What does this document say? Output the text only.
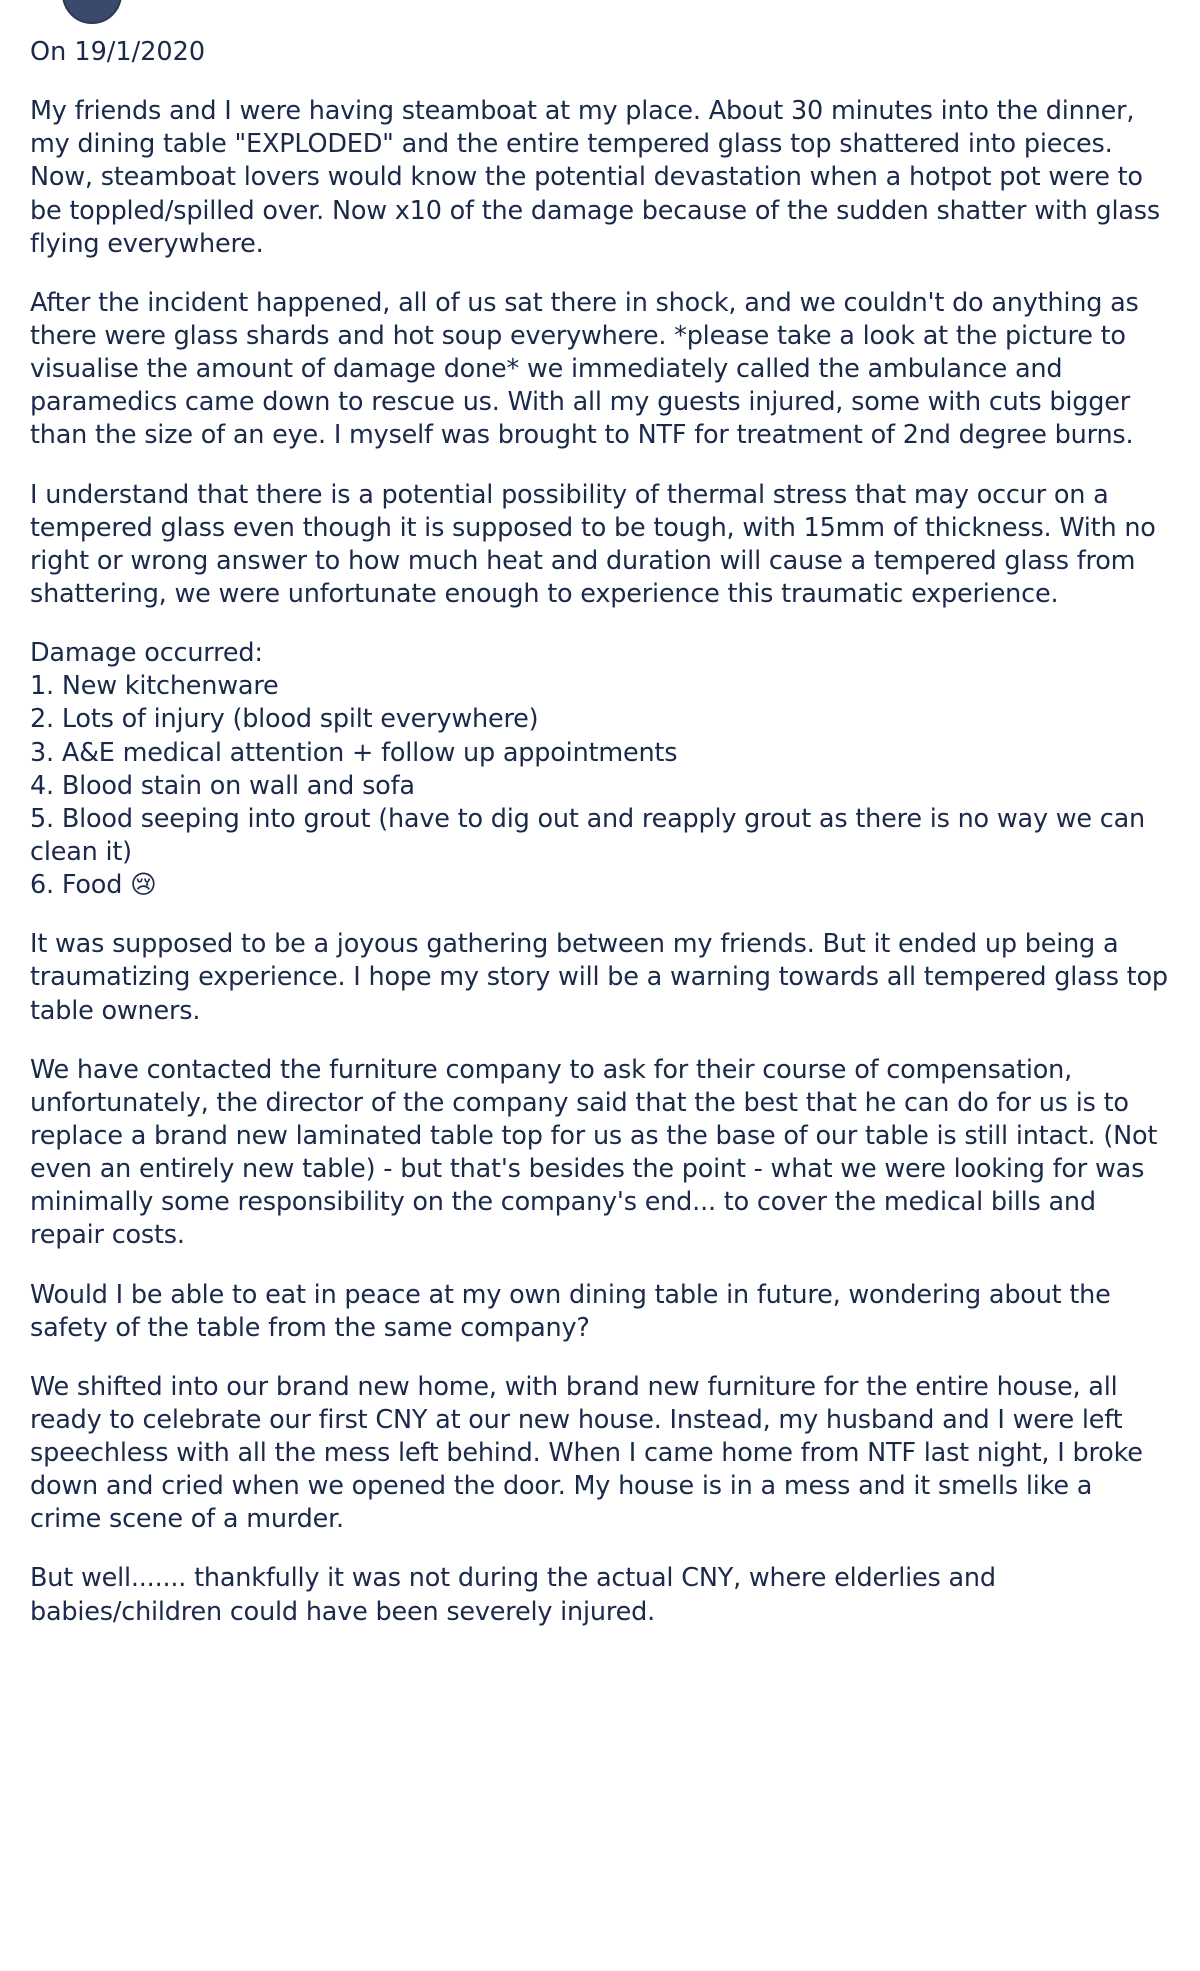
On 19/1/2020

My friends and I were having steamboat at my place. About 30 minutes into the dinner, my dining table "EXPLODED" and the entire tempered glass top shattered into pieces. Now, steamboat lovers would know the potential devastation when a hotpot pot were to be toppled/spilled over. Now x10 of the damage because of the sudden shatter with glass flying everywhere.

After the incident happened, all of us sat there in shock, and we couldn't do anything as there were glass shards and hot soup everywhere. *please take a look at the picture to visualise the amount of damage done* we immediately called the ambulance and paramedics came down to rescue us. With all my guests injured, some with cuts bigger than the size of an eye. I myself was brought to NTF for treatment of 2nd degree burns.

I understand that there is a potential possibility of thermal stress that may occur on a tempered glass even though it is supposed to be tough, with 15mm of thickness. With no right or wrong answer to how much heat and duration will cause a tempered glass from shattering, we were unfortunate enough to experience this traumatic experience.

Damage occurred:
1. New kitchenware
2. Lots of injury (blood spilt everywhere)
3. A&E medical attention + follow up appointments
4. Blood stain on wall and sofa
5. Blood seeping into grout (have to dig out and reapply grout as there is no way we can clean it)
6. Food 😢

It was supposed to be a joyous gathering between my friends. But it ended up being a traumatizing experience. I hope my story will be a warning towards all tempered glass top table owners.

We have contacted the furniture company to ask for their course of compensation, unfortunately, the director of the company said that the best that he can do for us is to replace a brand new laminated table top for us as the base of our table is still intact. (Not even an entirely new table) - but that's besides the point - what we were looking for was minimally some responsibility on the company's end... to cover the medical bills and repair costs.

Would I be able to eat in peace at my own dining table in future, wondering about the safety of the table from the same company?

We shifted into our brand new home, with brand new furniture for the entire house, all ready to celebrate our first CNY at our new house. Instead, my husband and I were left speechless with all the mess left behind. When I came home from NTF last night, I broke down and cried when we opened the door. My house is in a mess and it smells like a crime scene of a murder.

But well....... thankfully it was not during the actual CNY, where elderlies and babies/children could have been severely injured.
